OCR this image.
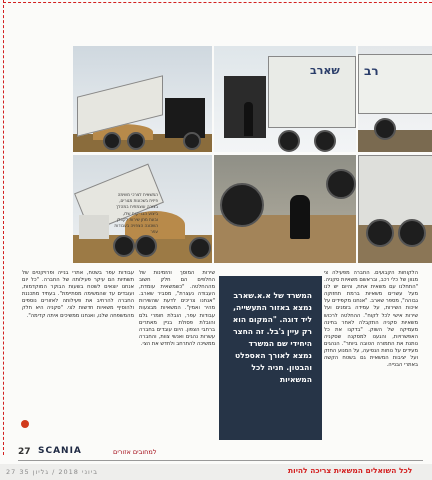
שארב רב
המשאית לצרכי משימה פיזית בשכונות מגורים, בצורה עוצמתית במהלך ביצוע הבדיקות שלו, ובעת מתן שירות לקבלן השכונה הצפויה בעבודות עפר
הלקוחות הקבועים. החברה מפעילה צי מגוון של כלי רכב, ובראשם משאיות סקניה. "התחלנו עם משאית אחת, והיום יש לנו מעל עשרים משאיות ברמת תחזוקה גבוהה", מספר שארב. "אנחנו מקפידים על איכות השירות, על עמידה בזמנים ועל שירות אישי לכל לקוח". ההחלטה לרכוש משאיות סקניה התקבלה לאחר בחינה מעמיקה של השוק. "בדקנו את כל האפשרויות, והגענו למסקנה שסקניה נותנת את התמורה הטובה ביותר". הנהגים מעידים על נוחות הנסיעה, על המנוע החזק ועל יציבות המשאית גם בשטח הקשה באתרי הבנייה.
המשרד של א.א.שארב נמצא באזור התעשייה, ליד דוגה. "המקום הוא רק עיין ג'בל. זה החצר היחידי שם המשרד נמצא לאורך האספלט והבטון. חניה לכל המשאיות
שירות המוסך והזמינות של החלפים הם חלק חשוב מההחלטה. "כשמשאית עומדת, העבודה נעצרת", מסביר שארב. "אנחנו צריכים לדעת שהשירות מהיר ואמין". המשאיות מבצעות עבודות עפר, הובלת חומרי גלם והובלת פסולת בניין מאתרים ברחבי הצפון. היום עובדים בחברה עשרות נהגים ואנשי צוות, והחברה ממשיכה להתרחב ולחדש את הצי.
עבודות עפר בשטח, אתרי בנייה ופרויקטים של תשתיות הם עיקר פעילותה של החברה. "כל יום אנחנו יוצאים לשטח בשעות הבוקר המוקדמות, ועובדים עד שהמשימה מסתיימת". בעתיד מתכננת החברה להרחיב את פעילותה לאזורים נוספים ולהוסיף משאיות חדשות לצי. "סקניה היא חלק מהמשפחה שלנו, ואנחנו ממשיכים איתה קדימה".
27 SCANIA	למחובים אזורים
27 ביוני 2018 / גליון 35	לכל השואלים המשאית צריכה להיות
